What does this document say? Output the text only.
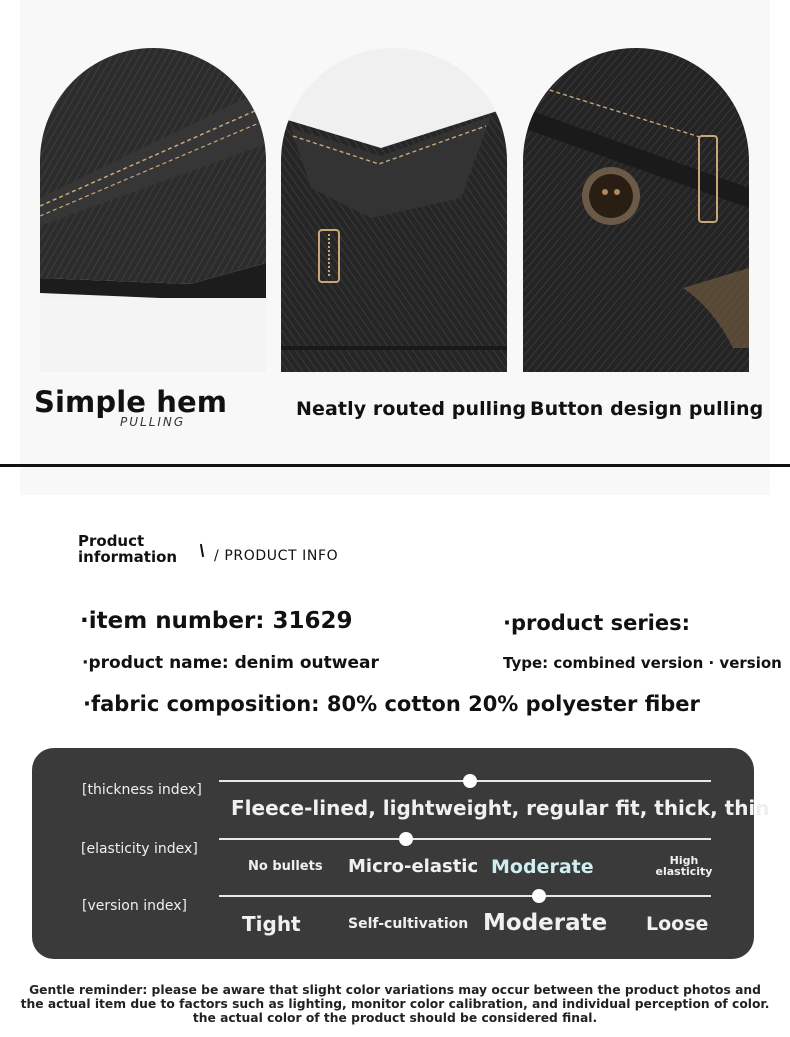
Simple hem
PULLING
Neatly routed pulling Button design pulling
Product information	/ PRODUCT INFO
·item number: 31629	·product series:
·product name: denim outwear	Type: combined version · version
·fabric composition: 80% cotton 20% polyester fiber
[thickness index]
Fleece-lined, lightweight, regular fit, thick, thin
[elasticity index]
No bullets Micro-elastic Moderate	High
elasticity
[version index]
Tight	Self-cultivation Moderate Loose
Gentle reminder: please be aware that slight color variations may occur between the product photos and the actual item due to factors such as lighting, monitor color calibration, and individual perception of color. the actual color of the product should be considered final.
